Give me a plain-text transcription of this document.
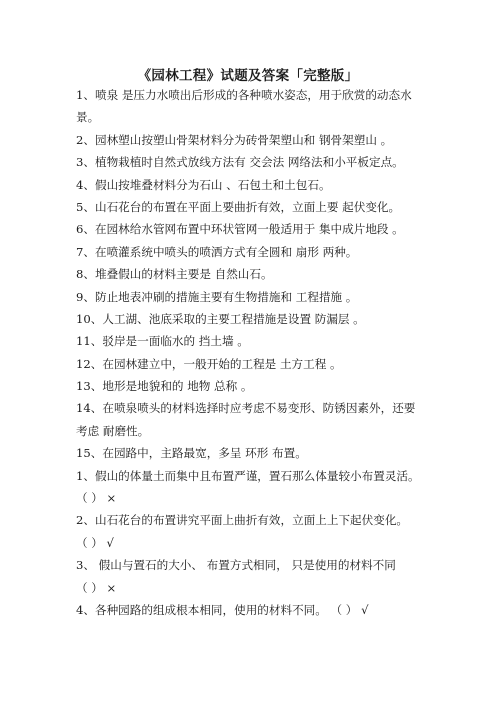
《园林工程》试题及答案「完整版」
1、喷泉 是压力水喷出后形成的各种喷水姿态，用于欣赏的动态水
景。
2、园林塑山按塑山骨架材料分为砖骨架塑山和 钢骨架塑山 。
3、植物栽植时自然式放线方法有 交会法 网络法和小平板定点。
4、假山按堆叠材料分为石山 、石包土和土包石。
5、山石花台的布置在平面上要曲折有效，立面上要 起伏变化。
6、在园林给水管网布置中环状管网一般适用于 集中成片地段 。
7、在喷灌系统中喷头的喷洒方式有全圆和 扇形 两种。
8、堆叠假山的材料主要是 自然山石。
9、防止地表冲刷的措施主要有生物措施和 工程措施 。
10、人工湖、池底采取的主要工程措施是设置 防漏层 。
11、驳岸是一面临水的 挡土墙 。
12、在园林建立中，一般开始的工程是 土方工程 。
13、地形是地貌和的 地物 总称 。
14、在喷泉喷头的材料选择时应考虑不易变形、防锈因素外，还要
考虑 耐磨性。
15、在园路中，主路最宽，多呈 环形 布置。
1、假山的体量土而集中且布置严谨，置石那么体量较小布置灵活。
（ ） ×
2、山石花台的布置讲究平面上曲折有效，立面上上下起伏变化。
（ ） √
3、 假山与置石的大小、 布置方式相同， 只是使用的材料不同
（ ） ×
4、各种园路的组成根本相同，使用的材料不同。 （ ） √
